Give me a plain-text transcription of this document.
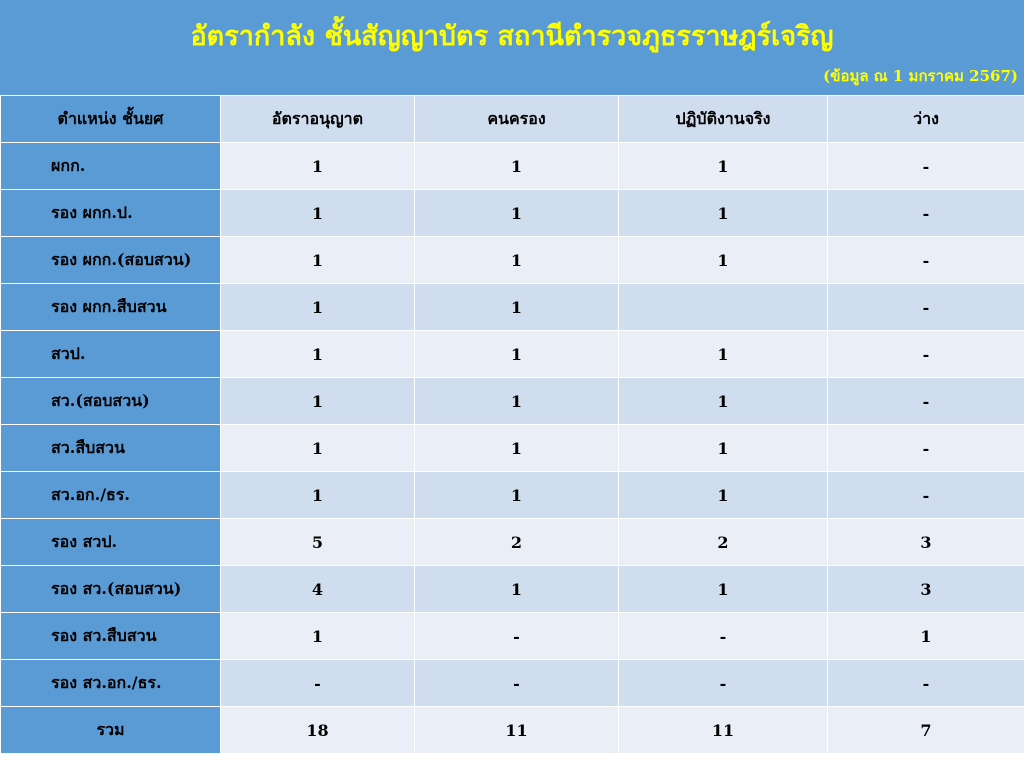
อัตรากำลัง ชั้นสัญญาบัตร สถานีตำรวจภูธรราษฎร์เจริญ
(ข้อมูล ณ 1 มกราคม 2567)
ตำแหน่ง ชั้นยศ	อัตราอนุญาต	คนครอง	ปฏิบัติงานจริง	ว่าง
ผกก.	1	1	1	-
รอง ผกก.ป.	1	1	1	-
รอง ผกก.(สอบสวน)	1	1	1	-
รอง ผกก.สืบสวน	1	1		-
สวป.	1	1	1	-
สว.(สอบสวน)	1	1	1	-
สว.สืบสวน	1	1	1	-
สว.อก./ธร.	1	1	1	-
รอง สวป.	5	2	2	3
รอง สว.(สอบสวน)	4	1	1	3
รอง สว.สืบสวน	1	-	-	1
รอง สว.อก./ธร.	-	-	-	-
รวม	18	11	11	7
